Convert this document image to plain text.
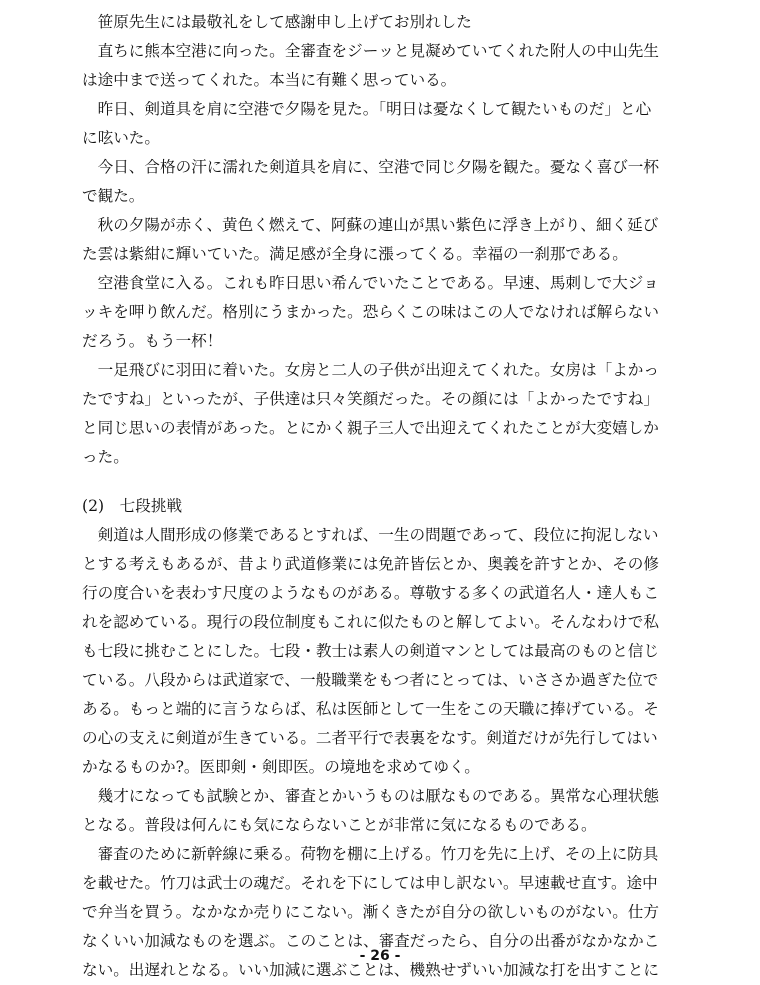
　笹原先生には最敬礼をして感謝申し上げてお別れした
　直ちに熊本空港に向った。全審査をジーッと見凝めていてくれた附人の中山先生
は途中まで送ってくれた。本当に有難く思っている。
　昨日、剣道具を肩に空港で夕陽を見た。「明日は憂なくして観たいものだ」と心
に呟いた。
　今日、合格の汗に濡れた剣道具を肩に、空港で同じ夕陽を観た。憂なく喜び一杯
で観た。
　秋の夕陽が赤く、黄色く燃えて、阿蘇の連山が黒い紫色に浮き上がり、細く延び
た雲は紫紺に輝いていた。満足感が全身に漲ってくる。幸福の一刹那である。
　空港食堂に入る。これも昨日思い希んでいたことである。早速、馬刺しで大ジョ
ッキを呷り飲んだ。格別にうまかった。恐らくこの味はこの人でなければ解らない
だろう。もう一杯！
　一足飛びに羽田に着いた。女房と二人の子供が出迎えてくれた。女房は「よかっ
たですね」といったが、子供達は只々笑顔だった。その顔には「よかったですね」
と同じ思いの表情があった。とにかく親子三人で出迎えてくれたことが大変嬉しか
った。
(2)　七段挑戦
　剣道は人間形成の修業であるとすれば、一生の問題であって、段位に拘泥しない
とする考えもあるが、昔より武道修業には免許皆伝とか、奥義を許すとか、その修
行の度合いを表わす尺度のようなものがある。尊敬する多くの武道名人・達人もこ
れを認めている。現行の段位制度もこれに似たものと解してよい。そんなわけで私
も七段に挑むことにした。七段・教士は素人の剣道マンとしては最高のものと信じ
ている。八段からは武道家で、一般職業をもつ者にとっては、いささか過ぎた位で
ある。もっと端的に言うならば、私は医師として一生をこの天職に捧げている。そ
の心の支えに剣道が生きている。二者平行で表裏をなす。剣道だけが先行してはい
かなるものか?。医即剣・剣即医。の境地を求めてゆく。
　幾才になっても試験とか、審査とかいうものは厭なものである。異常な心理状態
となる。普段は何んにも気にならないことが非常に気になるものである。
　審査のために新幹線に乗る。荷物を棚に上げる。竹刀を先に上げ、その上に防具
を載せた。竹刀は武士の魂だ。それを下にしては申し訳ない。早速載せ直す。途中
で弁当を買う。なかなか売りにこない。漸くきたが自分の欲しいものがない。仕方
なくいい加減なものを選ぶ。このことは、審査だったら、自分の出番がなかなかこ
ない。出遅れとなる。いい加減に選ぶことは、機熟せずいい加減な打を出すことに
- 26 -
